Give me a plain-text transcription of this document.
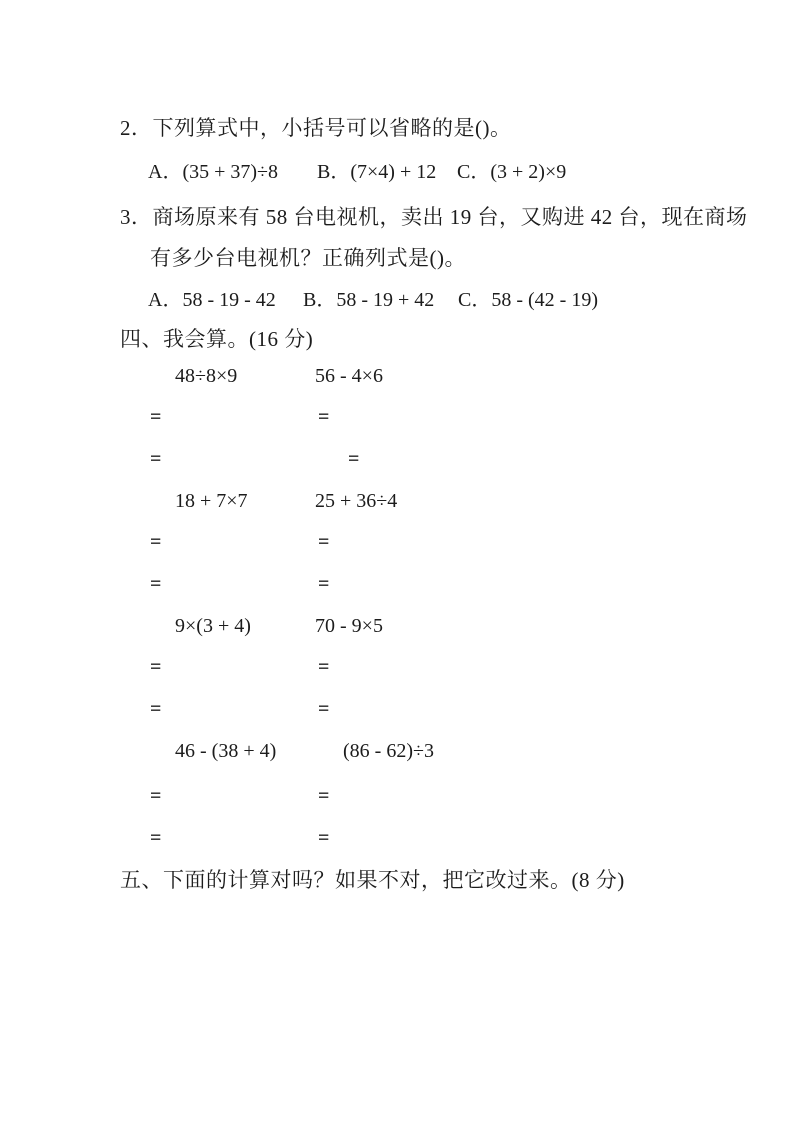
2．下列算式中，小括号可以省略的是()。
A．(35 + 37)÷8 B．(7×4) + 12 C．(3 + 2)×9
3．商场原来有 58 台电视机，卖出 19 台，又购进 42 台，现在商场
有多少台电视机？正确列式是()。
A．58 - 19 - 42 B．58 - 19 + 42 C．58 - (42 - 19)
四、我会算。(16 分)
48÷8×9	56 - 4×6
=	=
=	=
18 + 7×7	25 + 36÷4
=	=
=	=
9×(3 + 4)	70 - 9×5
=	=
=	=
46 - (38 + 4)	(86 - 62)÷3
=	=
=	=
五、下面的计算对吗？如果不对，把它改过来。(8 分)
